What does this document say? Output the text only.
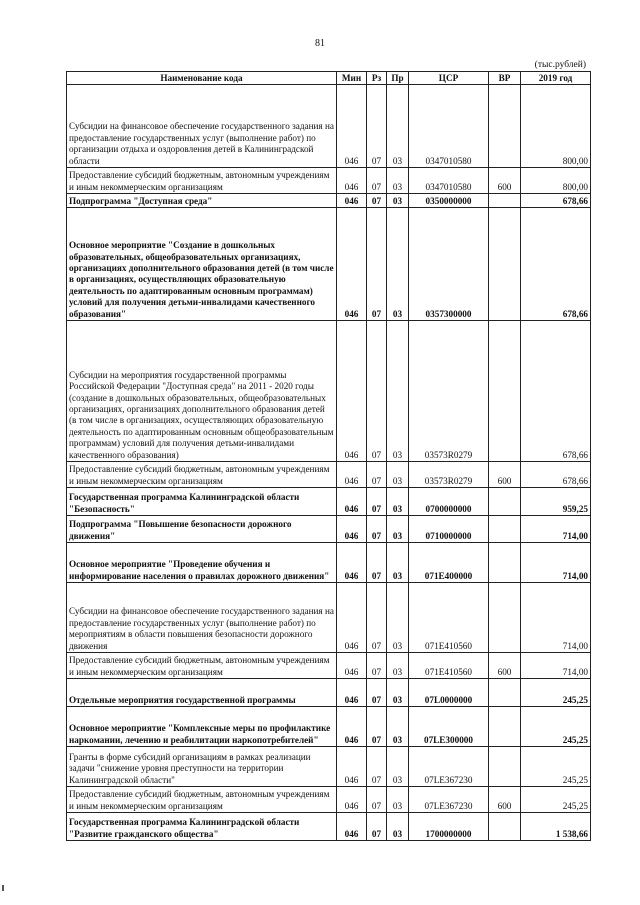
81
(тыс.рублей)
Наименование кода	Мин	Рз	Пр	ЦСР	ВР	2019 год
Субсидии на финансовое обеспечение государственного задания на предоставление государственных услуг (выполнение работ) по организации отдыха и оздоровления детей в Калининградской области	046	07	03	0347010580		800,00
Предоставление субсидий бюджетным, автономным учреждениям и иным некоммерческим организациям	046	07	03	0347010580	600	800,00
Подпрограмма "Доступная среда"	046	07	03	0350000000		678,66
Основное мероприятие "Создание в дошкольных образовательных, общеобразовательных организациях, организациях дополнительного образования детей (в том числе в организациях, осуществляющих образовательную деятельность по адаптированным основным программам) условий для получения детьми-инвалидами качественного образования"	046	07	03	0357300000		678,66
Субсидии на мероприятия государственной программы Российской Федерации "Доступная среда" на 2011 - 2020 годы (создание в дошкольных образовательных, общеобразовательных организациях, организациях дополнительного образования детей (в том числе в организациях, осуществляющих образовательную деятельность по адаптированным основным общеобразовательным программам) условий для получения детьми-инвалидами качественного образования)	046	07	03	03573R0279		678,66
Предоставление субсидий бюджетным, автономным учреждениям и иным некоммерческим организациям	046	07	03	03573R0279	600	678,66
Государственная программа Калининградской области "Безопасность"	046	07	03	0700000000		959,25
Подпрограмма "Повышение безопасности дорожного движения"	046	07	03	0710000000		714,00
Основное мероприятие "Проведение обучения и информирование населения о правилах дорожного движения"	046	07	03	071E400000		714,00
Субсидии на финансовое обеспечение государственного задания на предоставление государственных услуг (выполнение работ) по мероприятиям в области повышения безопасности дорожного движения	046	07	03	071E410560		714,00
Предоставление субсидий бюджетным, автономным учреждениям и иным некоммерческим организациям	046	07	03	071E410560	600	714,00
Отдельные мероприятия государственной программы	046	07	03	07L0000000		245,25
Основное мероприятие "Комплексные меры по профилактике наркомании, лечению и реабилитации наркопотребителей"	046	07	03	07LE300000		245,25
Гранты в форме субсидий организациям в рамках реализации задачи "снижение уровня преступности на территории Калининградской области"	046	07	03	07LE367230		245,25
Предоставление субсидий бюджетным, автономным учреждениям и иным некоммерческим организациям	046	07	03	07LE367230	600	245,25
Государственная программа Калининградской области "Развитие гражданского общества"	046	07	03	1700000000		1 538,66
